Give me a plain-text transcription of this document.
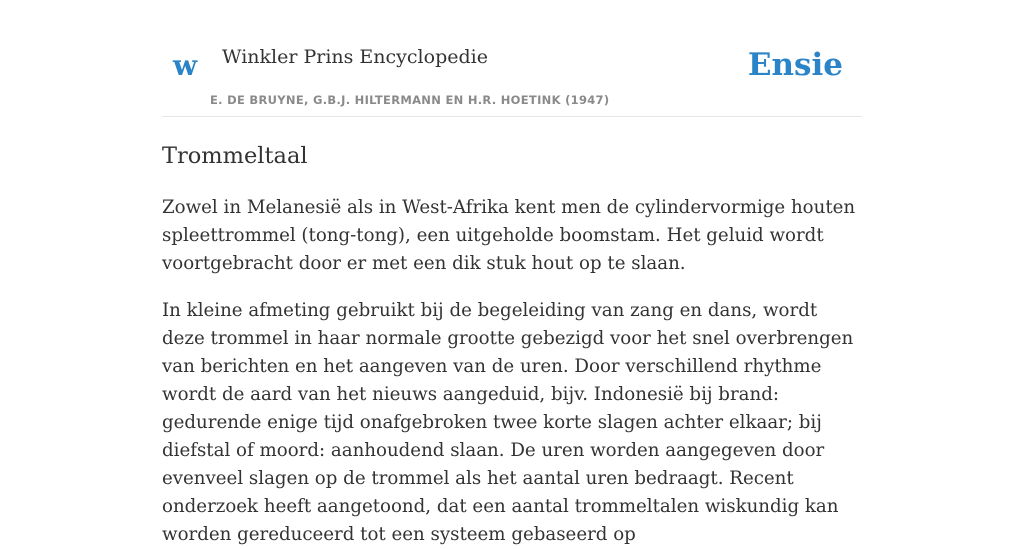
w Winkler Prins Encyclopedie
E. DE BRUYNE, G.B.J. HILTERMANN EN H.R. HOETINK (1947)
Ensie
Trommeltaal

Zowel in Melanesië als in West-Afrika kent men de cylindervormige houten spleettrommel (tong-tong), een uitgeholde boomstam. Het geluid wordt voortgebracht door er met een dik stuk hout op te slaan.

In kleine afmeting gebruikt bij de begeleiding van zang en dans, wordt deze trommel in haar normale grootte gebezigd voor het snel overbrengen van berichten en het aangeven van de uren. Door verschillend rhythme wordt de aard van het nieuws aangeduid, bijv. Indonesië bij brand: gedurende enige tijd onafgebroken twee korte slagen achter elkaar; bij diefstal of moord: aanhoudend slaan. De uren worden aangegeven door evenveel slagen op de trommel als het aantal uren bedraagt. Recent onderzoek heeft aangetoond, dat een aantal trommeltalen wiskundig kan worden gereduceerd tot een systeem gebaseerd op
